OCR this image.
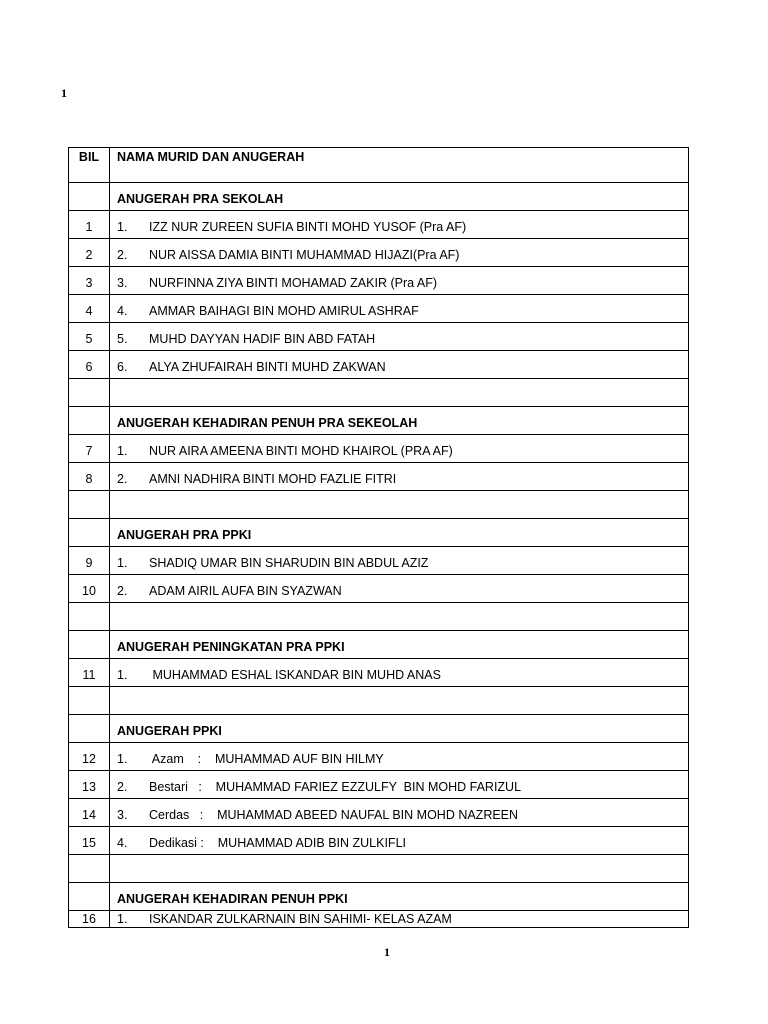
1
BIL	NAMA MURID DAN ANUGERAH
	ANUGERAH PRA SEKOLAH
1	1. IZZ NUR ZUREEN SUFIA BINTI MOHD YUSOF (Pra AF)
2	2. NUR AISSA DAMIA BINTI MUHAMMAD HIJAZI(Pra AF)
3	3. NURFINNA ZIYA BINTI MOHAMAD ZAKIR (Pra AF)
4	4. AMMAR BAIHAGI BIN MOHD AMIRUL ASHRAF
5	5. MUHD DAYYAN HADIF BIN ABD FATAH
6	6. ALYA ZHUFAIRAH BINTI MUHD ZAKWAN

	ANUGERAH KEHADIRAN PENUH PRA SEKEOLAH
7	1. NUR AIRA AMEENA BINTI MOHD KHAIROL (PRA AF)
8	2. AMNI NADHIRA BINTI MOHD FAZLIE FITRI

	ANUGERAH PRA PPKI
9	1. SHADIQ UMAR BIN SHARUDIN BIN ABDUL AZIZ
10	2. ADAM AIRIL AUFA BIN SYAZWAN

	ANUGERAH PENINGKATAN PRA PPKI
11	1. MUHAMMAD ESHAL ISKANDAR BIN MUHD ANAS

	ANUGERAH PPKI
12	1. Azam    :    MUHAMMAD AUF BIN HILMY
13	2. Bestari   :    MUHAMMAD FARIEZ EZZULFY  BIN MOHD FARIZUL
14	3. Cerdas   :    MUHAMMAD ABEED NAUFAL BIN MOHD NAZREEN
15	4. Dedikasi :    MUHAMMAD ADIB BIN ZULKIFLI

	ANUGERAH KEHADIRAN PENUH PPKI
16	1. ISKANDAR ZULKARNAIN BIN SAHIMI- KELAS AZAM
1
